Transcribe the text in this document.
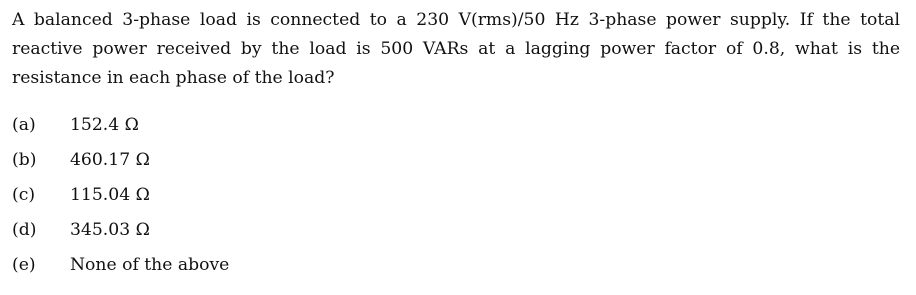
A balanced 3-phase load is connected to a 230 V(rms)/50 Hz 3-phase power supply. If the total reactive power received by the load is 500 VARs at a lagging power factor of 0.8, what is the resistance in each phase of the load?
(a) 152.4 Ω
(b) 460.17 Ω
(c) 115.04 Ω
(d) 345.03 Ω
(e) None of the above
